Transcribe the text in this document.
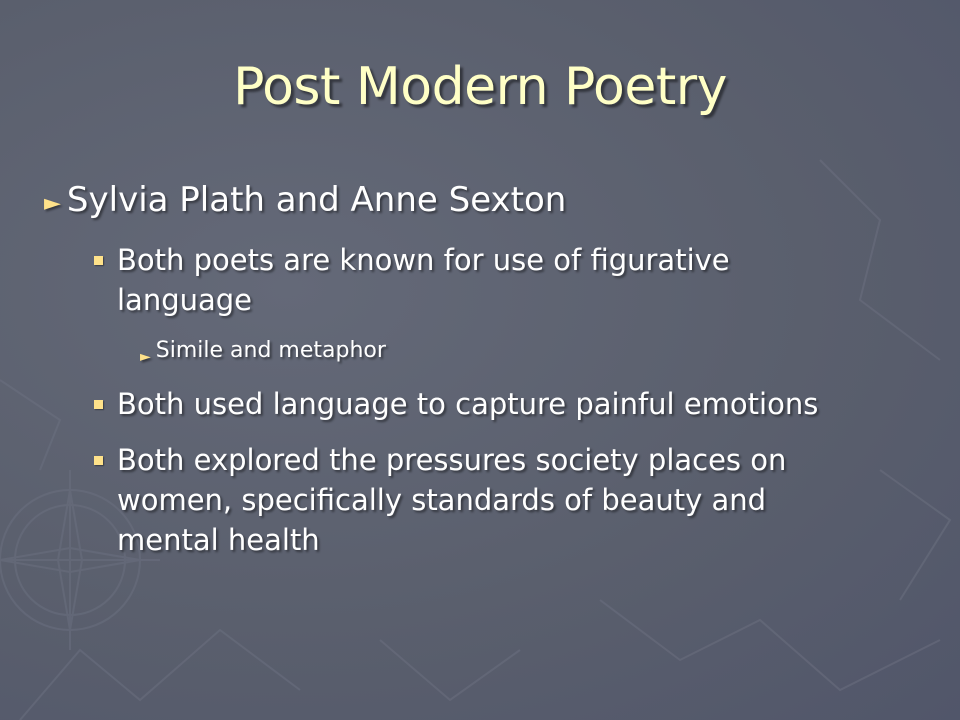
Post Modern Poetry
► Sylvia Plath and Anne Sexton
Both poets are known for use of figurative
language
► Simile and metaphor
Both used language to capture painful emotions
Both explored the pressures society places on
women, specifically standards of beauty and
mental health
